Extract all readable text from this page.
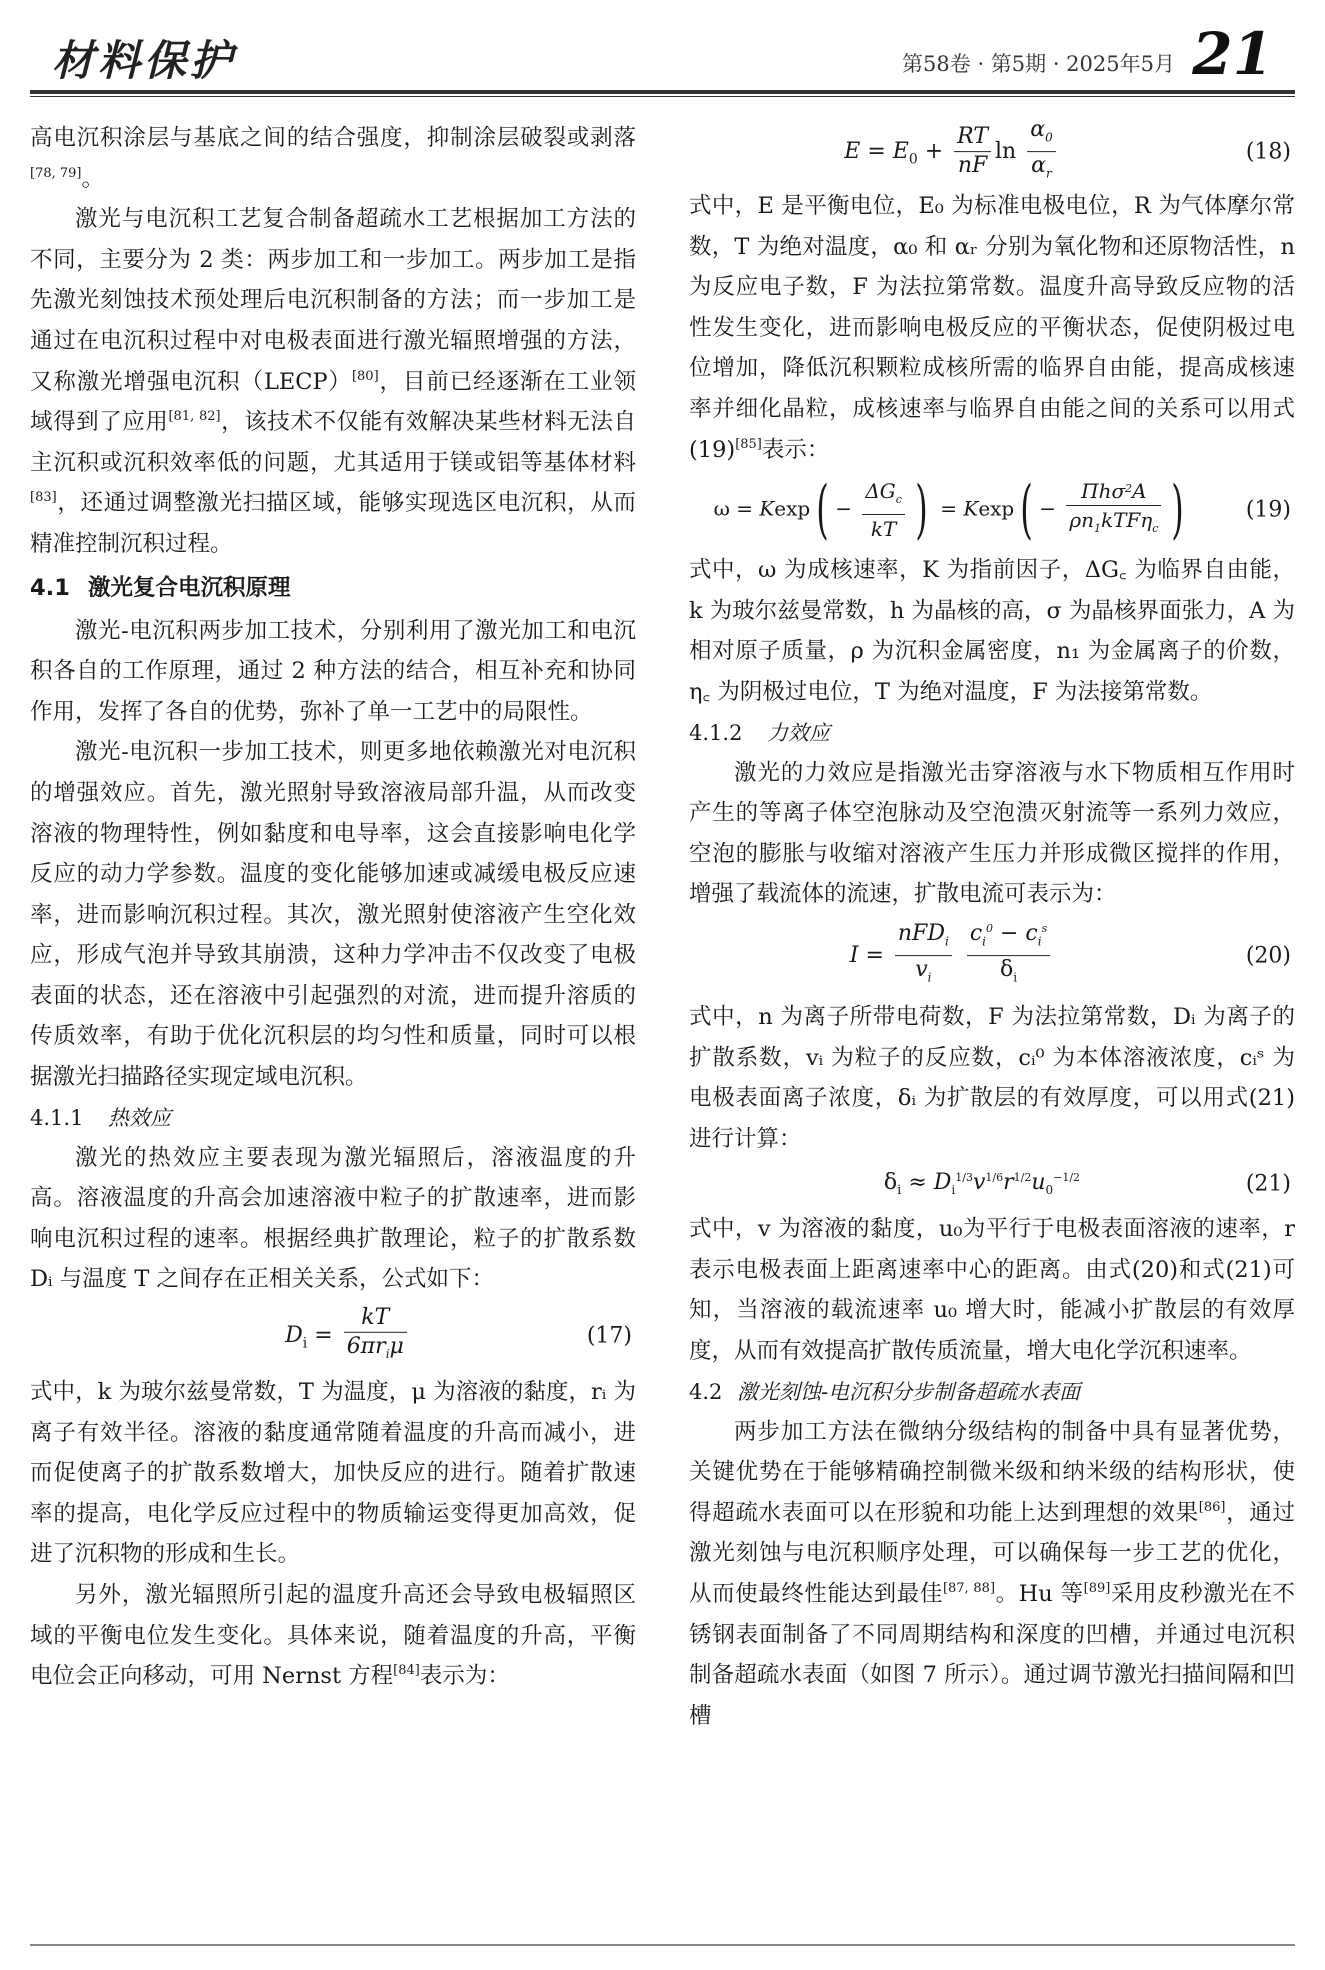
材料保护	第58卷 · 第5期 · 2025年5月 21

高电沉积涂层与基底之间的结合强度，抑制涂层破裂或剥落[78, 79]。

激光与电沉积工艺复合制备超疏水工艺根据加工方法的不同，主要分为 2 类：两步加工和一步加工。两步加工是指先激光刻蚀技术预处理后电沉积制备的方法；而一步加工是通过在电沉积过程中对电极表面进行激光辐照增强的方法，又称激光增强电沉积（LECP）[80]，目前已经逐渐在工业领域得到了应用[81, 82]，该技术不仅能有效解决某些材料无法自主沉积或沉积效率低的问题，尤其适用于镁或铝等基体材料[83]，还通过调整激光扫描区域，能够实现选区电沉积，从而精准控制沉积过程。

4.1 激光复合电沉积原理

激光-电沉积两步加工技术，分别利用了激光加工和电沉积各自的工作原理，通过 2 种方法的结合，相互补充和协同作用，发挥了各自的优势，弥补了单一工艺中的局限性。

激光-电沉积一步加工技术，则更多地依赖激光对电沉积的增强效应。首先，激光照射导致溶液局部升温，从而改变溶液的物理特性，例如黏度和电导率，这会直接影响电化学反应的动力学参数。温度的变化能够加速或减缓电极反应速率，进而影响沉积过程。其次，激光照射使溶液产生空化效应，形成气泡并导致其崩溃，这种力学冲击不仅改变了电极表面的状态，还在溶液中引起强烈的对流，进而提升溶质的传质效率，有助于优化沉积层的均匀性和质量，同时可以根据激光扫描路径实现定域电沉积。

4.1.1 热效应

激光的热效应主要表现为激光辐照后，溶液温度的升高。溶液温度的升高会加速溶液中粒子的扩散速率，进而影响电沉积过程的速率。根据经典扩散理论，粒子的扩散系数 Dᵢ 与温度 T 之间存在正相关关系，公式如下：

$D_i = \frac{kT}{6\pi r_i\mu}$	(17)

式中，k 为玻尔兹曼常数，T 为温度，μ 为溶液的黏度，rᵢ 为离子有效半径。溶液的黏度通常随着温度的升高而减小，进而促使离子的扩散系数增大，加快反应的进行。随着扩散速率的提高，电化学反应过程中的物质输运变得更加高效，促进了沉积物的形成和生长。

另外，激光辐照所引起的温度升高还会导致电极辐照区域的平衡电位发生变化。具体来说，随着温度的升高，平衡电位会正向移动，可用 Nernst 方程[84]表示为：

$E = E_0 + \frac{RT}{nF}$ $\ln \frac{\alpha_0}{\alpha_r}$	(18)

式中，E 是平衡电位，E₀ 为标准电极电位，R 为气体摩尔常数，T 为绝对温度，α₀ 和 αᵣ 分别为氧化物和还原物活性，n 为反应电子数，F 为法拉第常数。温度升高导致反应物的活性发生变化，进而影响电极反应的平衡状态，促使阴极过电位增加，降低沉积颗粒成核所需的临界自由能，提高成核速率并细化晶粒，成核速率与临界自由能之间的关系可以用式(19)[85]表示：

$\omega = Kexp( - \frac{\Delta G_c}{kT}$ ) = $Kexp( - \frac{\Pi h\sigma^2A}{\rho n_1kTF\eta_c}$ )	(19)

式中，ω 为成核速率，K 为指前因子，ΔG꜀ 为临界自由能，k 为玻尔兹曼常数，h 为晶核的高，σ 为晶核界面张力，A 为相对原子质量，ρ 为沉积金属密度，n₁ 为金属离子的价数，η꜀ 为阴极过电位，T 为绝对温度，F 为法接第常数。

4.1.2 力效应

激光的力效应是指激光击穿溶液与水下物质相互作用时产生的等离子体空泡脉动及空泡溃灭射流等一系列力效应，空泡的膨胀与收缩对溶液产生压力并形成微区搅拌的作用，增强了载流体的流速，扩散电流可表示为：

$I = \frac{nFD_i}{v_i}$
$\frac{c_i^0 - c_i^s}{\delta_i}$	(20)

式中，n 为离子所带电荷数，F 为法拉第常数，Dᵢ 为离子的扩散系数，vᵢ 为粒子的反应数，cᵢ⁰ 为本体溶液浓度，cᵢˢ 为电极表面离子浓度，δᵢ 为扩散层的有效厚度，可以用式(21)进行计算：

$\delta_i \approx D_i^{1/3}v^{1/6}r^{1/2}u_0^{-1/2}$	(21)

式中，v 为溶液的黏度，u₀为平行于电极表面溶液的速率，r 表示电极表面上距离速率中心的距离。由式(20)和式(21)可知，当溶液的载流速率 u₀ 增大时，能减小扩散层的有效厚度，从而有效提高扩散传质流量，增大电化学沉积速率。

4.2 激光刻蚀-电沉积分步制备超疏水表面

两步加工方法在微纳分级结构的制备中具有显著优势，关键优势在于能够精确控制微米级和纳米级的结构形状，使得超疏水表面可以在形貌和功能上达到理想的效果[86]，通过激光刻蚀与电沉积顺序处理，可以确保每一步工艺的优化，从而使最终性能达到最佳[87, 88]。Hu 等[89]采用皮秒激光在不锈钢表面制备了不同周期结构和深度的凹槽，并通过电沉积制备超疏水表面（如图 7 所示）。通过调节激光扫描间隔和凹槽
